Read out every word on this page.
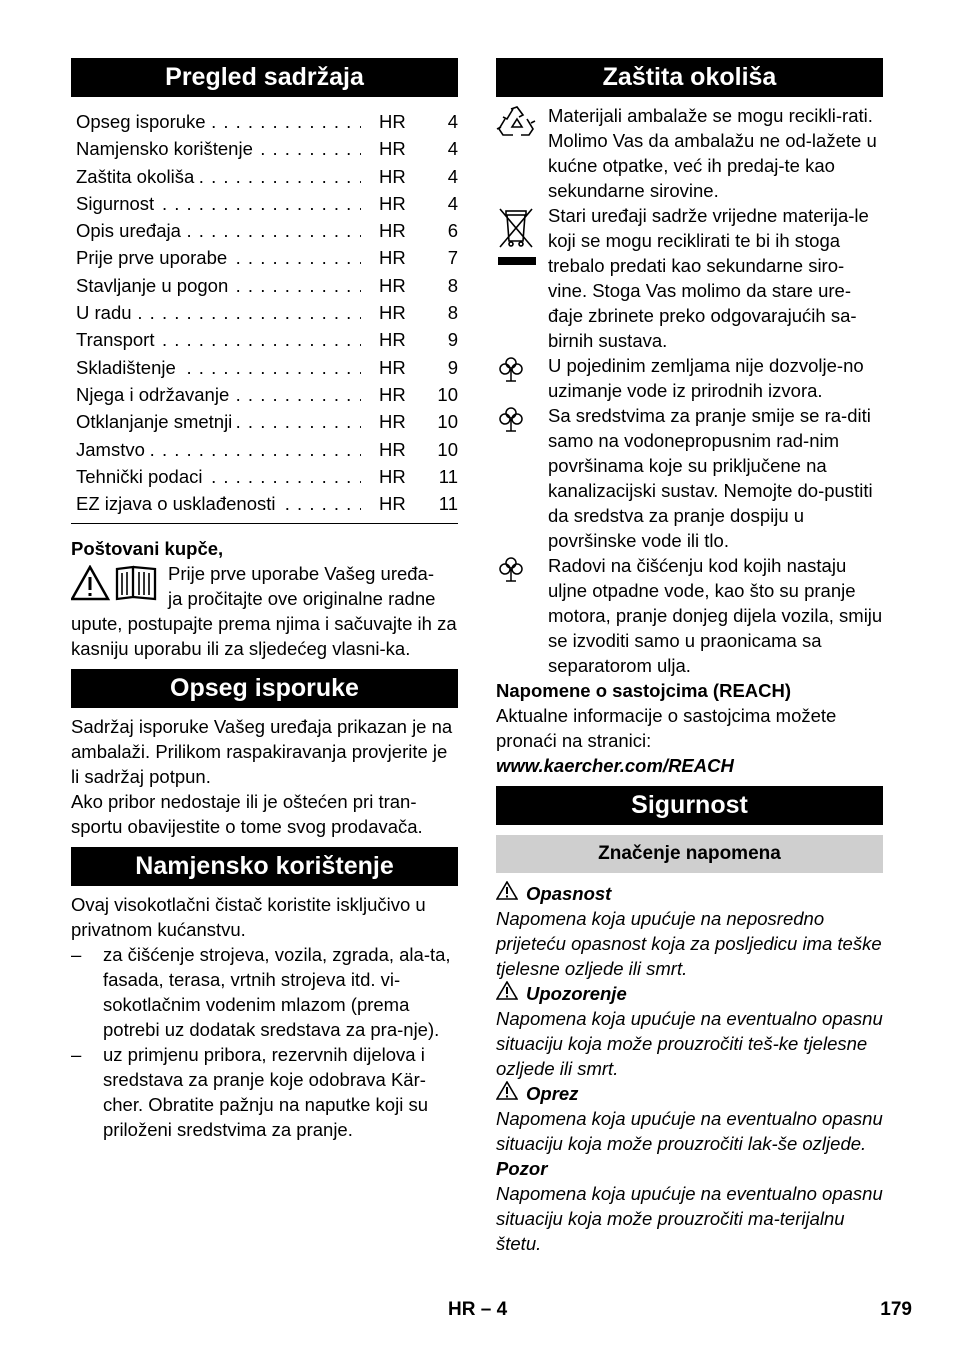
Pregled sadržaja
Opseg isporuke . . .	HR 4
Namjensko korištenje . . .	HR 4
Zaštita okoliša . . .	HR 4
Sigurnost . . .	HR 4
Opis uređaja . . .	HR 6
Prije prve uporabe . . .	HR 7
Stavljanje u pogon . . .	HR 8
U radu . . .	HR 8
Transport . . .	HR 9
Skladištenje . . .	HR 9
Njega i održavanje . . .	HR 10
Otklanjanje smetnji . . .	HR 10
Jamstvo . . .	HR 10
Tehnički podaci . . .	HR 11
EZ izjava o usklađenosti . . .	HR 11

Poštovani kupče,

Prije prve uporabe Vašeg uređa-

ja pročitajte ove originalne radne

upute, postupajte prema njima i sačuvajte ih za kasniju uporabu ili za sljedećeg vlasni-ka.

Opseg isporuke

Sadržaj isporuke Vašeg uređaja prikazan je na ambalaži. Prilikom raspakiravanja provjerite je li sadržaj potpun.

Ako pribor nedostaje ili je oštećen pri tran-sportu obavijestite o tome svog prodavača.

Namjensko korištenje

Ovaj visokotlačni čistač koristite isključivo u privatnom kućanstvu.

– za čišćenje strojeva, vozila, zgrada, ala-ta, fasada, terasa, vrtnih strojeva itd. vi-sokotlačnim vodenim mlazom (prema potrebi uz dodatak sredstava za pra-nje).
– uz primjenu pribora, rezervnih dijelova i sredstava za pranje koje odobrava Kär-cher. Obratite pažnju na naputke koji su priloženi sredstvima za pranje.
Zaštita okoliša

Materijali ambalaže se mogu recikli-rati. Molimo Vas da ambalažu ne od-lažete u kućne otpatke, već ih predaj-te kao sekundarne sirovine.

Stari uređaji sadrže vrijedne materija-le koji se mogu reciklirati te bi ih stoga trebalo predati kao sekundarne siro-vine. Stoga Vas molimo da stare ure-đaje zbrinete preko odgovarajućih sa-birnih sustava.

U pojedinim zemljama nije dozvolje-no uzimanje vode iz prirodnih izvora.

Sa sredstvima za pranje smije se ra-diti samo na vodonepropusnim rad-nim površinama koje su priključene na kanalizacijski sustav. Nemojte do-pustiti da sredstva za pranje dospiju u površinske vode ili tlo.

Radovi na čišćenju kod kojih nastaju uljne otpadne vode, kao što su pranje motora, pranje donjeg dijela vozila, smiju se izvoditi samo u praonicama sa separatorom ulja.

Napomene o sastojcima (REACH)

Aktualne informacije o sastojcima možete pronaći na stranici:

www.kaercher.com/REACH

Sigurnost
Značenje napomena
Opasnost

Napomena koja upućuje na neposredno prijeteću opasnost koja za posljedicu ima teške tjelesne ozljede ili smrt.

Upozorenje

Napomena koja upućuje na eventualno opasnu situaciju koja može prouzročiti teš-ke tjelesne ozljede ili smrt.

Oprez

Napomena koja upućuje na eventualno opasnu situaciju koja može prouzročiti lak-še ozljede.

Pozor

Napomena koja upućuje na eventualno opasnu situaciju koja može prouzročiti ma-terijalnu štetu.

HR – 4	179
